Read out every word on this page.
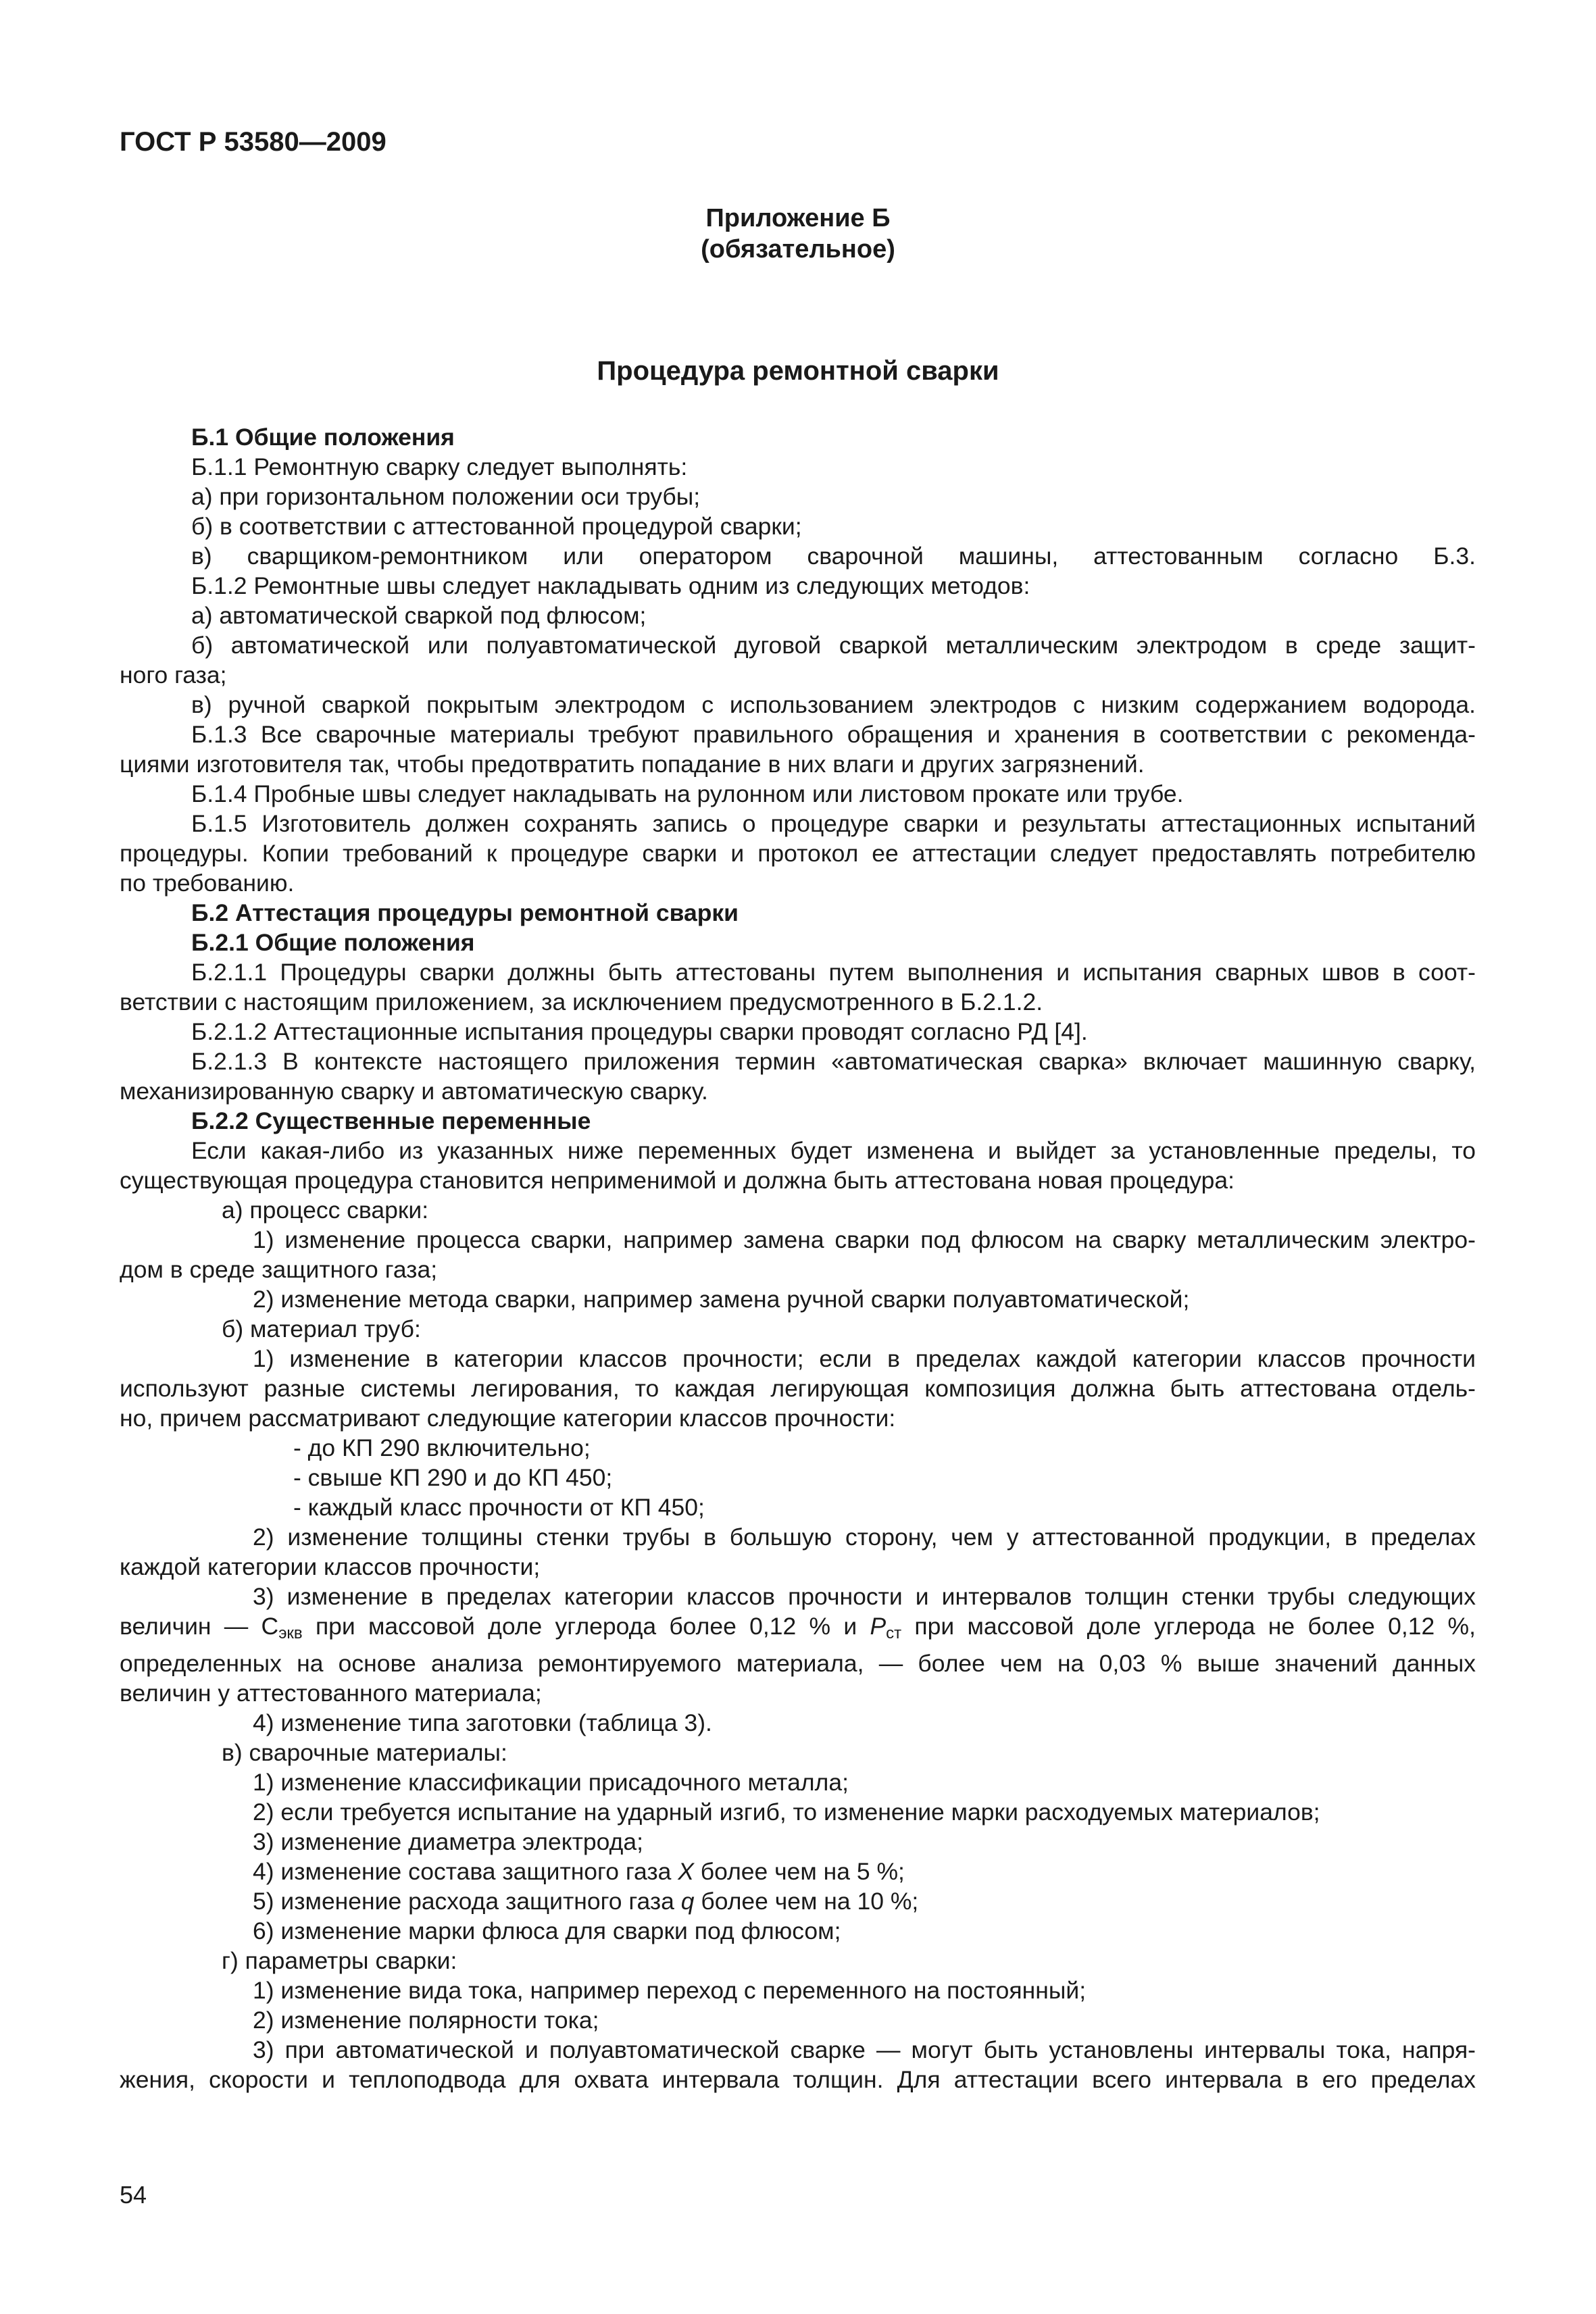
ГОСТ Р 53580—2009
Приложение Б
(обязательное)
Процедура ремонтной сварки
Б.1 Общие положения
Б.1.1 Ремонтную сварку следует выполнять:
а) при горизонтальном положении оси трубы;
б) в соответствии с аттестованной процедурой сварки;
в) сварщиком-ремонтником или оператором сварочной машины, аттестованным согласно Б.3.
Б.1.2 Ремонтные швы следует накладывать одним из следующих методов:
а) автоматической сваркой под флюсом;
б) автоматической или полуавтоматической дуговой сваркой металлическим электродом в среде защит-
ного газа;
в) ручной сваркой покрытым электродом с использованием электродов с низким содержанием водорода.
Б.1.3 Все сварочные материалы требуют правильного обращения и хранения в соответствии с рекоменда-
циями изготовителя так, чтобы предотвратить попадание в них влаги и других загрязнений.
Б.1.4 Пробные швы следует накладывать на рулонном или листовом прокате или трубе.
Б.1.5 Изготовитель должен сохранять запись о процедуре сварки и результаты аттестационных испытаний
процедуры. Копии требований к процедуре сварки и протокол ее аттестации следует предоставлять потребителю
по требованию.
Б.2 Аттестация процедуры ремонтной сварки
Б.2.1 Общие положения
Б.2.1.1 Процедуры сварки должны быть аттестованы путем выполнения и испытания сварных швов в соот-
ветствии с настоящим приложением, за исключением предусмотренного в Б.2.1.2.
Б.2.1.2 Аттестационные испытания процедуры сварки проводят согласно РД [4].
Б.2.1.3 В контексте настоящего приложения термин «автоматическая сварка» включает машинную сварку,
механизированную сварку и автоматическую сварку.
Б.2.2 Существенные переменные
Если какая-либо из указанных ниже переменных будет изменена и выйдет за установленные пределы, то
существующая процедура становится неприменимой и должна быть аттестована новая процедура:
а) процесс сварки:
1) изменение процесса сварки, например замена сварки под флюсом на сварку металлическим электро-
дом в среде защитного газа;
2) изменение метода сварки, например замена ручной сварки полуавтоматической;
б) материал труб:
1) изменение в категории классов прочности; если в пределах каждой категории классов прочности
используют разные системы легирования, то каждая легирующая композиция должна быть аттестована отдель-
но, причем рассматривают следующие категории классов прочности:
- до КП 290 включительно;
- свыше КП 290 и до КП 450;
- каждый класс прочности от КП 450;
2) изменение толщины стенки трубы в большую сторону, чем у аттестованной продукции, в пределах
каждой категории классов прочности;
3) изменение в пределах категории классов прочности и интервалов толщин стенки трубы следующих
величин — $С_{экв}$ при массовой доле углерода более 0,12 % и $Р_{ст}$ при массовой доле углерода не более 0,12 %,
определенных на основе анализа ремонтируемого материала, — более чем на 0,03 % выше значений данных
величин у аттестованного материала;
4) изменение типа заготовки (таблица 3).
в) сварочные материалы:
1) изменение классификации присадочного металла;
2) если требуется испытание на ударный изгиб, то изменение марки расходуемых материалов;
3) изменение диаметра электрода;
4) изменение состава защитного газа X более чем на 5 %;
5) изменение расхода защитного газа q более чем на 10 %;
6) изменение марки флюса для сварки под флюсом;
г) параметры сварки:
1) изменение вида тока, например переход с переменного на постоянный;
2) изменение полярности тока;
3) при автоматической и полуавтоматической сварке — могут быть установлены интервалы тока, напря-
жения, скорости и теплоподвода для охвата интервала толщин. Для аттестации всего интервала в его пределах
54
